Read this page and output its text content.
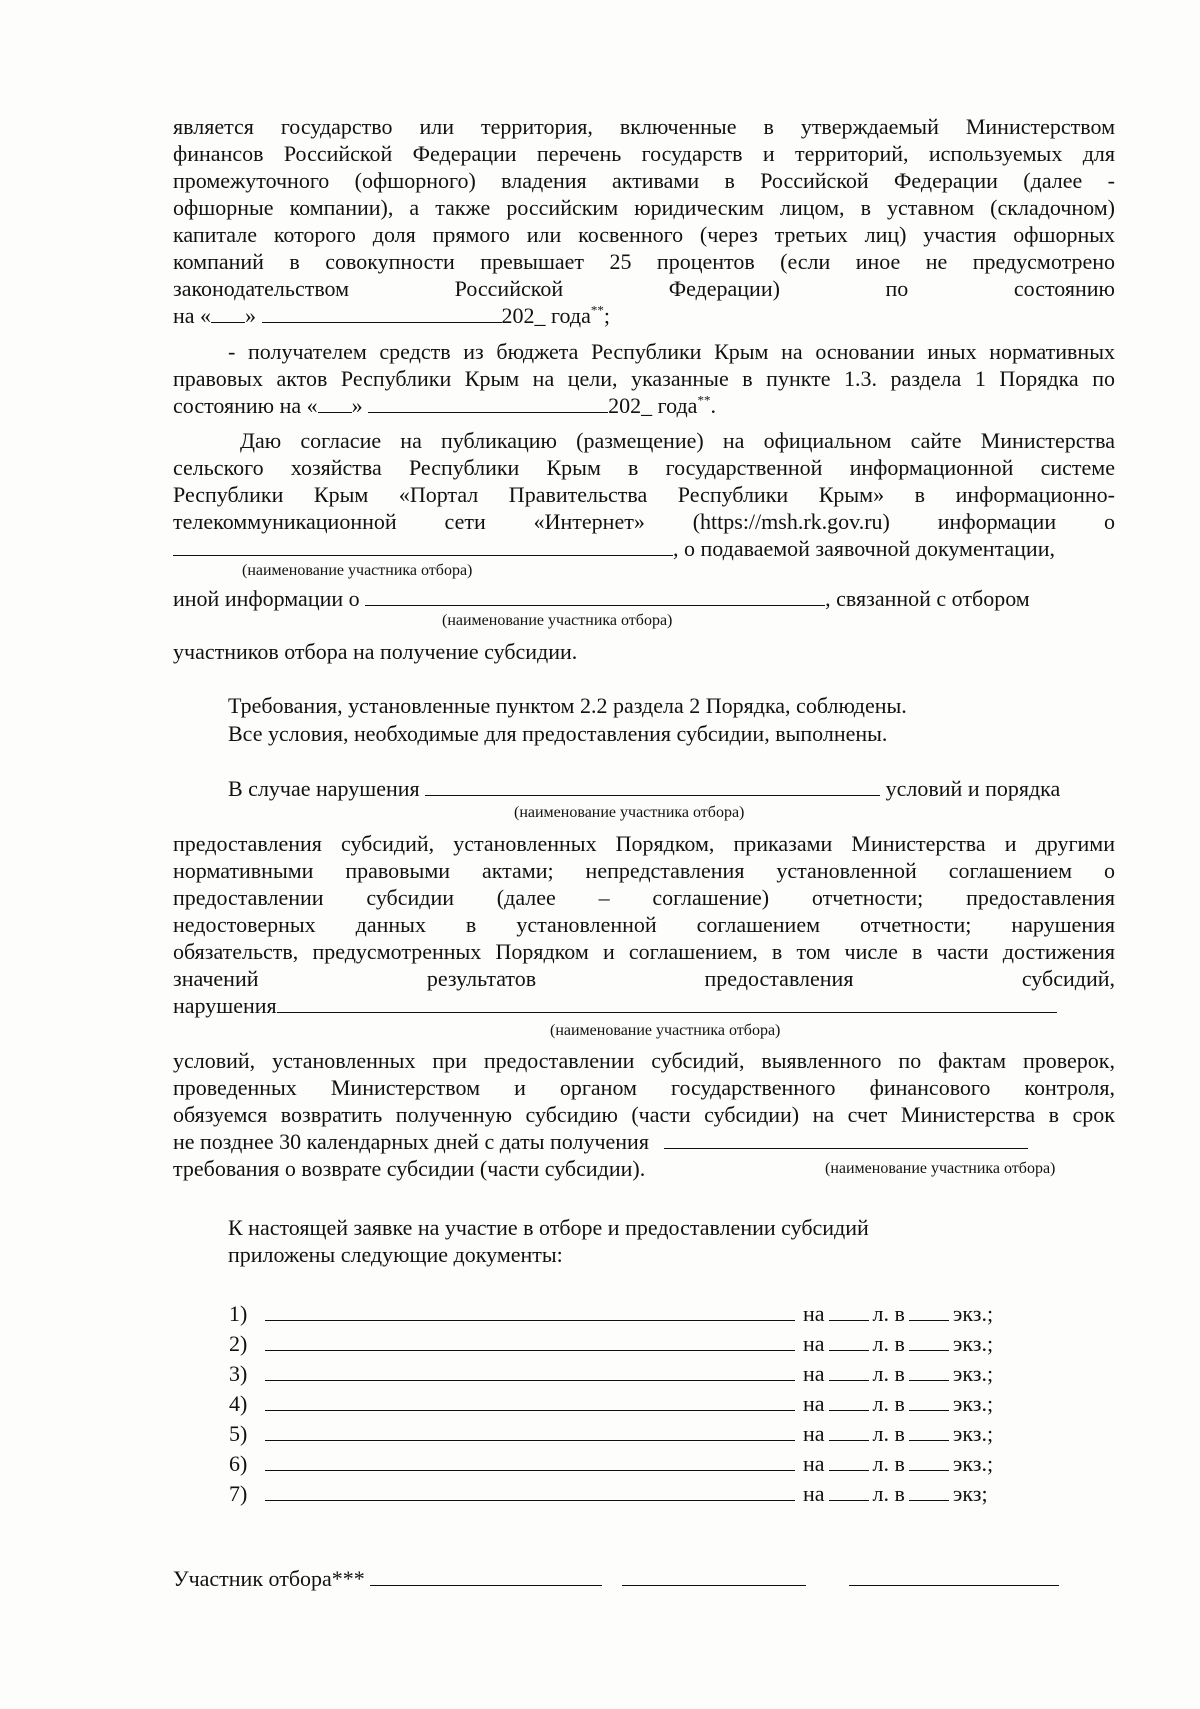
является государство или территория, включенные в утверждаемый Министерством
финансов Российской Федерации перечень государств и территорий, используемых для
промежуточного (офшорного) владения активами в Российской Федерации (далее -
офшорные компании), а также российским юридическим лицом, в уставном (складочном)
капитале которого доля прямого или косвенного (через третьих лиц) участия офшорных
компаний в совокупности превышает 25 процентов (если иное не предусмотрено
законодательством Российской Федерации) по состоянию
на « »	202_ года**;
- получателем средств из бюджета Республики Крым на основании иных нормативных
правовых актов Республики Крым на цели, указанные в пункте 1.3. раздела 1 Порядка по
состоянию на « »	202_ года**.
Даю согласие на публикацию (размещение) на официальном сайте Министерства
сельского хозяйства Республики Крым в государственной информационной системе
Республики Крым «Портал Правительства Республики Крым» в информационно-
телекоммуникационной сети «Интернет» (https://msh.rk.gov.ru) информации о
, о подаваемой заявочной документации,
(наименование участника отбора)
иной информации о	, связанной с отбором
(наименование участника отбора)
участников отбора на получение субсидии.
Требования, установленные пунктом 2.2 раздела 2 Порядка, соблюдены.
Все условия, необходимые для предоставления субсидии, выполнены.
В случае нарушения	условий и порядка
(наименование участника отбора)
предоставления субсидий, установленных Порядком, приказами Министерства и другими
нормативными правовыми актами; непредставления установленной соглашением о
предоставлении субсидии (далее – соглашение) отчетности; предоставления
недостоверных данных в установленной соглашением отчетности; нарушения
обязательств, предусмотренных Порядком и соглашением, в том числе в части достижения
значений результатов предоставления субсидий,
нарушения
(наименование участника отбора)
условий, установленных при предоставлении субсидий, выявленного по фактам проверок,
проведенных Министерством и органом государственного финансового контроля,
обязуемся возвратить полученную субсидию (части субсидии) на счет Министерства в срок
не позднее 30 календарных дней с даты получения
требования о возврате субсидии (части субсидии).	(наименование участника отбора)
К настоящей заявке на участие в отборе и предоставлении субсидий
приложены следующие документы:
1)	на л. в экз.;
2)	на л. в экз.;
3)	на л. в экз.;
4)	на л. в экз.;
5)	на л. в экз.;
6)	на л. в экз.;
7)	на л. в экз;
Участник отбора***
